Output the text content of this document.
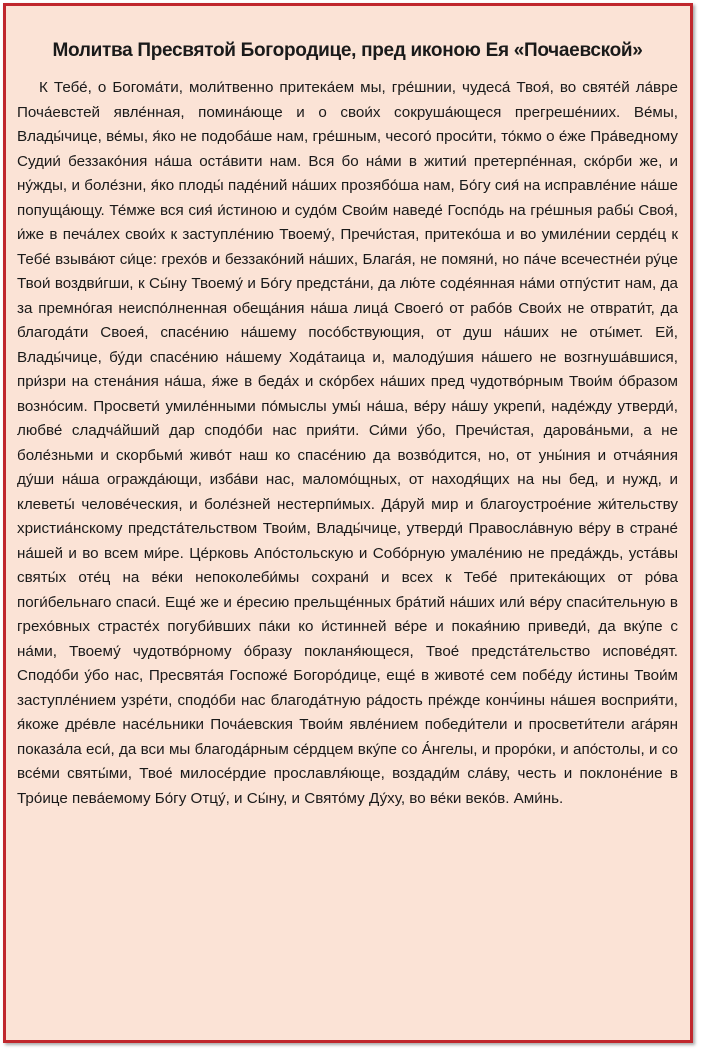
Молитва Пресвятой Богородице, пред иконою Ея «Почаевской»

К Тебе́, о Богома́ти, моли́твенно притека́ем мы, гре́шнии, чудеса́ Твоя́, во святе́й ла́вре Поча́евстей явле́нная, помина́юще и о свои́х сокруша́ющеся прегреше́ниих. Ве́мы, Влады́чице, ве́мы, я́ко не подоба́ше нам, гре́шным, чесого́ проси́ти, то́кмо о е́же Пра́ведному Судии́ беззако́ния на́ша оста́вити нам. Вся бо на́ми в житии́ претерпе́нная, ско́рби же, и ну́жды, и боле́зни, я́ко плоды́ паде́ний на́ших прозябо́ша нам, Бо́гу сия́ на исправле́ние на́ше попуща́ющу. Те́мже вся сия́ и́стиною и судо́м Свои́м наведе́ Госпо́дь на гре́шныя рабы́ Своя́, и́же в печа́лех свои́х к заступле́нию Твоему́, Пречи́стая, притеко́ша и во умиле́нии серде́ц к Тебе́ взыва́ют си́це: грехо́в и беззако́ний на́ших, Блага́я, не помяни́, но па́че всечестне́и ру́це Твои́ воздви́гши, к Сы́ну Твоему́ и Бо́гу предста́ни, да лю́те соде́янная на́ми отпу́стит нам, да за премно́гая неиспо́лненная обеща́ния на́ша лица́ Своего́ от рабо́в Свои́х не отврати́т, да благода́ти Своея́, спасе́нию на́шему посо́бствующия, от душ на́ших не оты́мет. Ей, Влады́чице, бу́ди спасе́нию на́шему Хода́таица и, малоду́шия на́шего не возгнуша́вшися, при́зри на стена́ния на́ша, я́же в беда́х и ско́рбех на́ших пред чудотво́рным Твои́м о́бразом возно́сим. Просвети́ умиле́нными по́мыслы умы́ на́ша, ве́ру на́шу укрепи́, наде́жду утверди́, любве́ сладча́йший дар сподо́би нас прия́ти. Си́ми у́бо, Пречи́стая, дарова́ньми, а не боле́зньми и скорбьми́ живо́т наш ко спасе́нию да возво́дится, но, от уны́ния и отча́яния ду́ши на́ша огражда́ющи, изба́ви нас, маломо́щных, от находя́щих на ны бед, и нужд, и клеветы́ челове́ческия, и боле́зней нестерпи́мых. Да́руй мир и благоустрое́ние жи́тельству христиа́нскому предста́тельством Твои́м, Влады́чице, утверди́ Правосла́вную ве́ру в стране́ на́шей и во всем ми́ре. Це́рковь Апо́стольскую и Собо́рную умале́нию не преда́ждь, уста́вы святы́х оте́ц на ве́ки непоколеби́мы сохрани́ и всех к Тебе́ притека́ющих от ро́ва поги́бельнаго спаси́. Еще́ же и е́ресию прельще́нных бра́тий на́ших или́ ве́ру спаси́тельную в грехо́вных страсте́х погуби́вших па́ки ко и́стинней ве́ре и покая́нию приведи́, да вку́пе с на́ми, Твоему́ чудотво́рному о́бразу покланя́ющеся, Твое́ предста́тельство испове́дят. Сподо́би у́бо нас, Пресвята́я Госпоже́ Богоро́дице, еще́ в животе́ сем побе́ду и́стины Твои́м заступле́нием узре́ти, сподо́би нас благода́тную ра́дость пре́жде конч́ины на́шея восприя́ти, я́коже дре́вле насе́льники Поча́евския Твои́м явле́нием победи́тели и просвети́тели ага́рян показа́ла еси́, да вси мы благода́рным се́рдцем вку́пе со А́нгелы, и проро́ки, и апо́столы, и со все́ми святы́ми, Твое́ милосе́рдие прославля́юще, воздади́м сла́ву, честь и поклоне́ние в Тро́ице пева́емому Бо́гу Отцу́, и Сы́ну, и Свято́му Ду́ху, во ве́ки веко́в. Ами́нь.
